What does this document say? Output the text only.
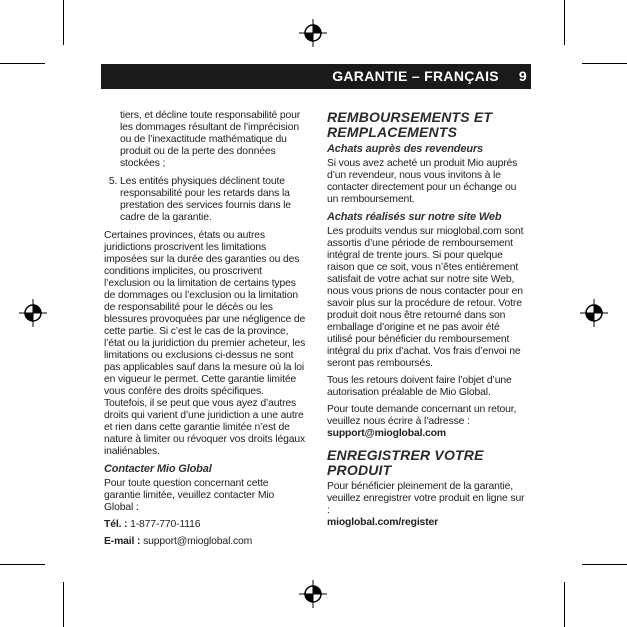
GARANTIE – FRANÇAIS 9
tiers, et décline toute responsabilité pour les dommages résultant de l’imprécision ou de l’inexactitude mathématique du produit ou de la perte des données stockées ;
5. Les entités physiques déclinent toute responsabilité pour les retards dans la prestation des services fournis dans le cadre de la garantie.

Certaines provinces, états ou autres juridictions proscrivent les limitations imposées sur la durée des garanties ou des conditions implicites, ou proscrivent l’exclusion ou la limitation de certains types de dommages ou l’exclusion ou la limitation de responsabilité pour le décès ou les blessures provoquées par une négligence de cette partie. Si c’est le cas de la province, l’état ou la juridiction du premier acheteur, les limitations ou exclusions ci-dessus ne sont pas applicables sauf dans la mesure où la loi en vigueur le permet. Cette garantie limitée vous confère des droits spécifiques. Toutefois, il se peut que vous ayez d’autres droits qui varient d’une juridiction a une autre et rien dans cette garantie limitée n’est de nature à limiter ou révoquer vos droits légaux inaliénables.

Contacter Mio Global

Pour toute question concernant cette garantie limitée, veuillez contacter Mio Global :

Tél. : 1-877-770-1116

E-mail : support@mioglobal.com

REMBOURSEMENTS ET REMPLACEMENTS
Achats auprès des revendeurs

Si vous avez acheté un produit Mio auprès d’un revendeur, nous vous invitons à le contacter directement pour un échange ou un remboursement.

Achats réalisés sur notre site Web

Les produits vendus sur mioglobal.com sont assortis d’une période de remboursement intégral de trente jours. Si pour quelque raison que ce soit, vous n’êtes entièrement satisfait de votre achat sur notre site Web, nous vous prions de nous contacter pour en savoir plus sur la procédure de retour. Votre produit doit nous être retourné dans son emballage d’origine et ne pas avoir été utilisé pour bénéficier du remboursement intégral du prix d’achat. Vos frais d’envoi ne seront pas remboursés.

Tous les retours doivent faire l’objet d’une autorisation préalable de Mio Global.

Pour toute demande concernant un retour, veuillez nous écrire à l’adresse :
support@mioglobal.com

ENREGISTRER VOTRE PRODUIT

Pour bénéficier pleinement de la garantie, veuillez enregistrer votre produit en ligne sur :
mioglobal.com/register
